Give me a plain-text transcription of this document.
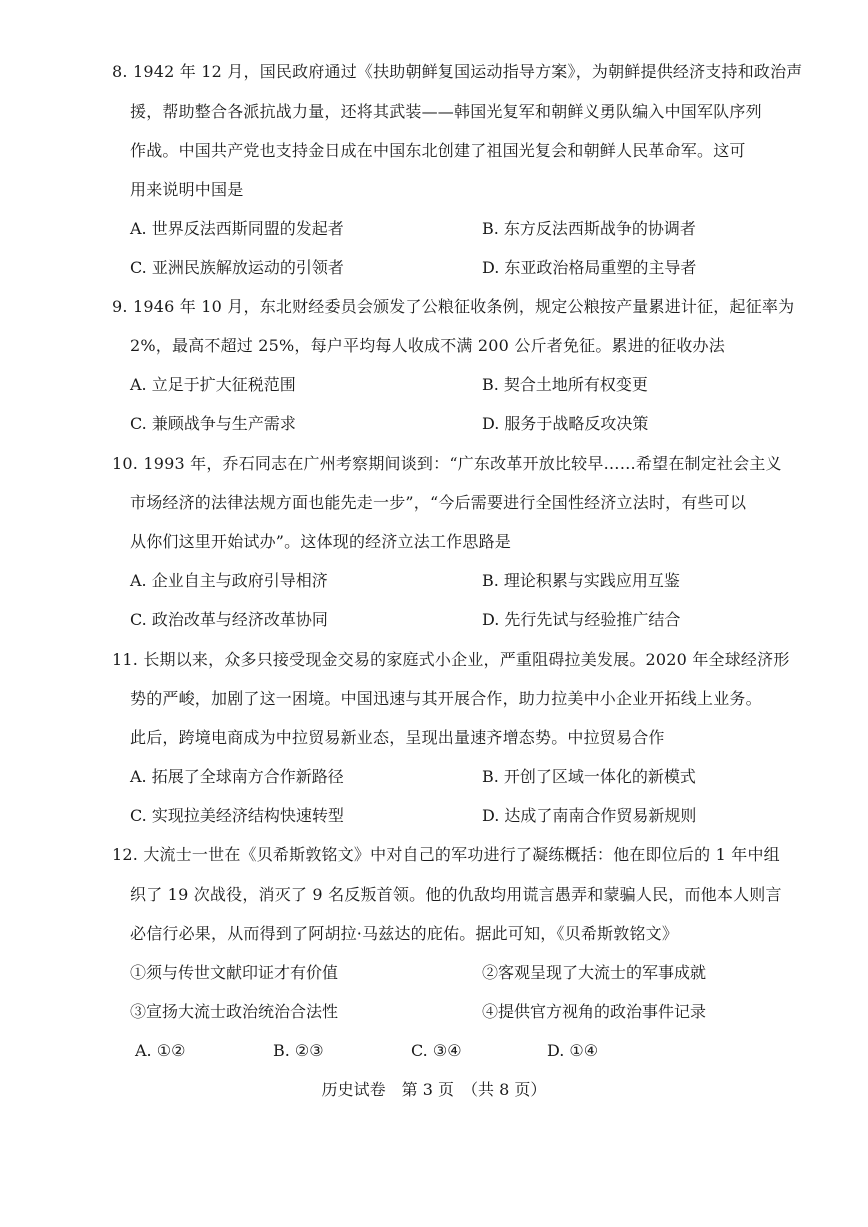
8. 1942 年 12 月，国民政府通过《扶助朝鲜复国运动指导方案》，为朝鲜提供经济支持和政治声
援，帮助整合各派抗战力量，还将其武装——韩国光复军和朝鲜义勇队编入中国军队序列
作战。中国共产党也支持金日成在中国东北创建了祖国光复会和朝鲜人民革命军。这可
用来说明中国是
A. 世界反法西斯同盟的发起者	B. 东方反法西斯战争的协调者
C. 亚洲民族解放运动的引领者	D. 东亚政治格局重塑的主导者
9. 1946 年 10 月，东北财经委员会颁发了公粮征收条例，规定公粮按产量累进计征，起征率为
2%，最高不超过 25%，每户平均每人收成不满 200 公斤者免征。累进的征收办法
A. 立足于扩大征税范围	B. 契合土地所有权变更
C. 兼顾战争与生产需求	D. 服务于战略反攻决策
10. 1993 年，乔石同志在广州考察期间谈到：“广东改革开放比较早……希望在制定社会主义
市场经济的法律法规方面也能先走一步”，“今后需要进行全国性经济立法时，有些可以
从你们这里开始试办”。这体现的经济立法工作思路是
A. 企业自主与政府引导相济	B. 理论积累与实践应用互鉴
C. 政治改革与经济改革协同	D. 先行先试与经验推广结合
11. 长期以来，众多只接受现金交易的家庭式小企业，严重阻碍拉美发展。2020 年全球经济形
势的严峻，加剧了这一困境。中国迅速与其开展合作，助力拉美中小企业开拓线上业务。
此后，跨境电商成为中拉贸易新业态，呈现出量速齐增态势。中拉贸易合作
A. 拓展了全球南方合作新路径	B. 开创了区域一体化的新模式
C. 实现拉美经济结构快速转型	D. 达成了南南合作贸易新规则
12. 大流士一世在《贝希斯敦铭文》中对自己的军功进行了凝练概括：他在即位后的 1 年中组
织了 19 次战役，消灭了 9 名反叛首领。他的仇敌均用谎言愚弄和蒙骗人民，而他本人则言
必信行必果，从而得到了阿胡拉·马兹达的庇佑。据此可知，《贝希斯敦铭文》
①须与传世文献印证才有价值	②客观呈现了大流士的军事成就
③宣扬大流士政治统治合法性	④提供官方视角的政治事件记录
A. ①②	B. ②③	C. ③④	D. ①④
历史试卷　第 3 页　（共 8 页）
